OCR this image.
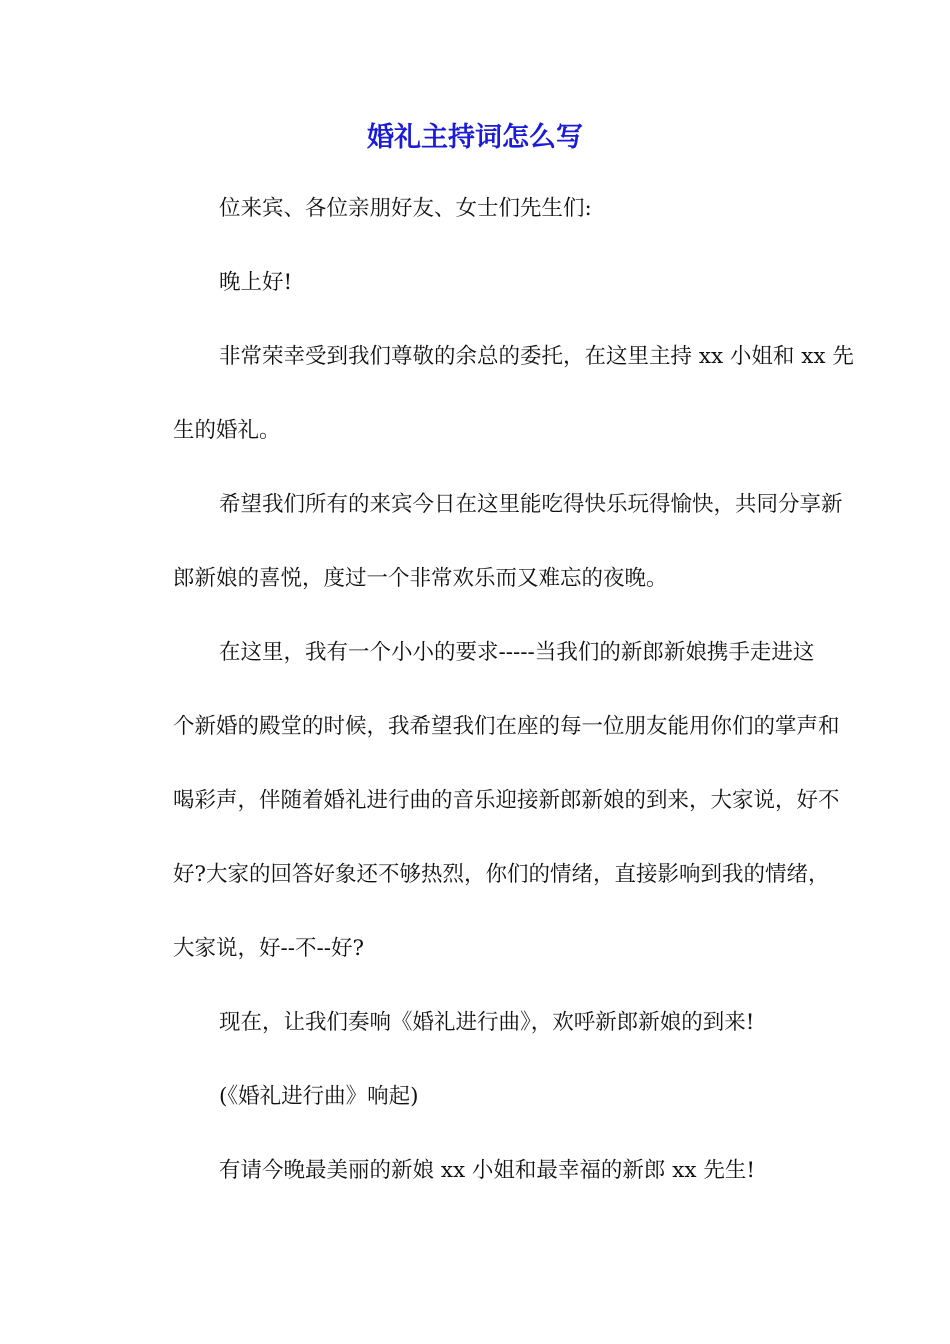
婚礼主持词怎么写
位来宾、各位亲朋好友、女士们先生们:
晚上好!
非常荣幸受到我们尊敬的余总的委托，在这里主持 xx 小姐和 xx 先
生的婚礼。
希望我们所有的来宾今日在这里能吃得快乐玩得愉快，共同分享新
郎新娘的喜悦，度过一个非常欢乐而又难忘的夜晚。
在这里，我有一个小小的要求-----当我们的新郎新娘携手走进这
个新婚的殿堂的时候，我希望我们在座的每一位朋友能用你们的掌声和
喝彩声，伴随着婚礼进行曲的音乐迎接新郎新娘的到来，大家说，好不
好?大家的回答好象还不够热烈，你们的情绪，直接影响到我的情绪，
大家说，好--不--好?
现在，让我们奏响《婚礼进行曲》，欢呼新郎新娘的到来!
(《婚礼进行曲》响起)
有请今晚最美丽的新娘 xx 小姐和最幸福的新郎 xx 先生!
